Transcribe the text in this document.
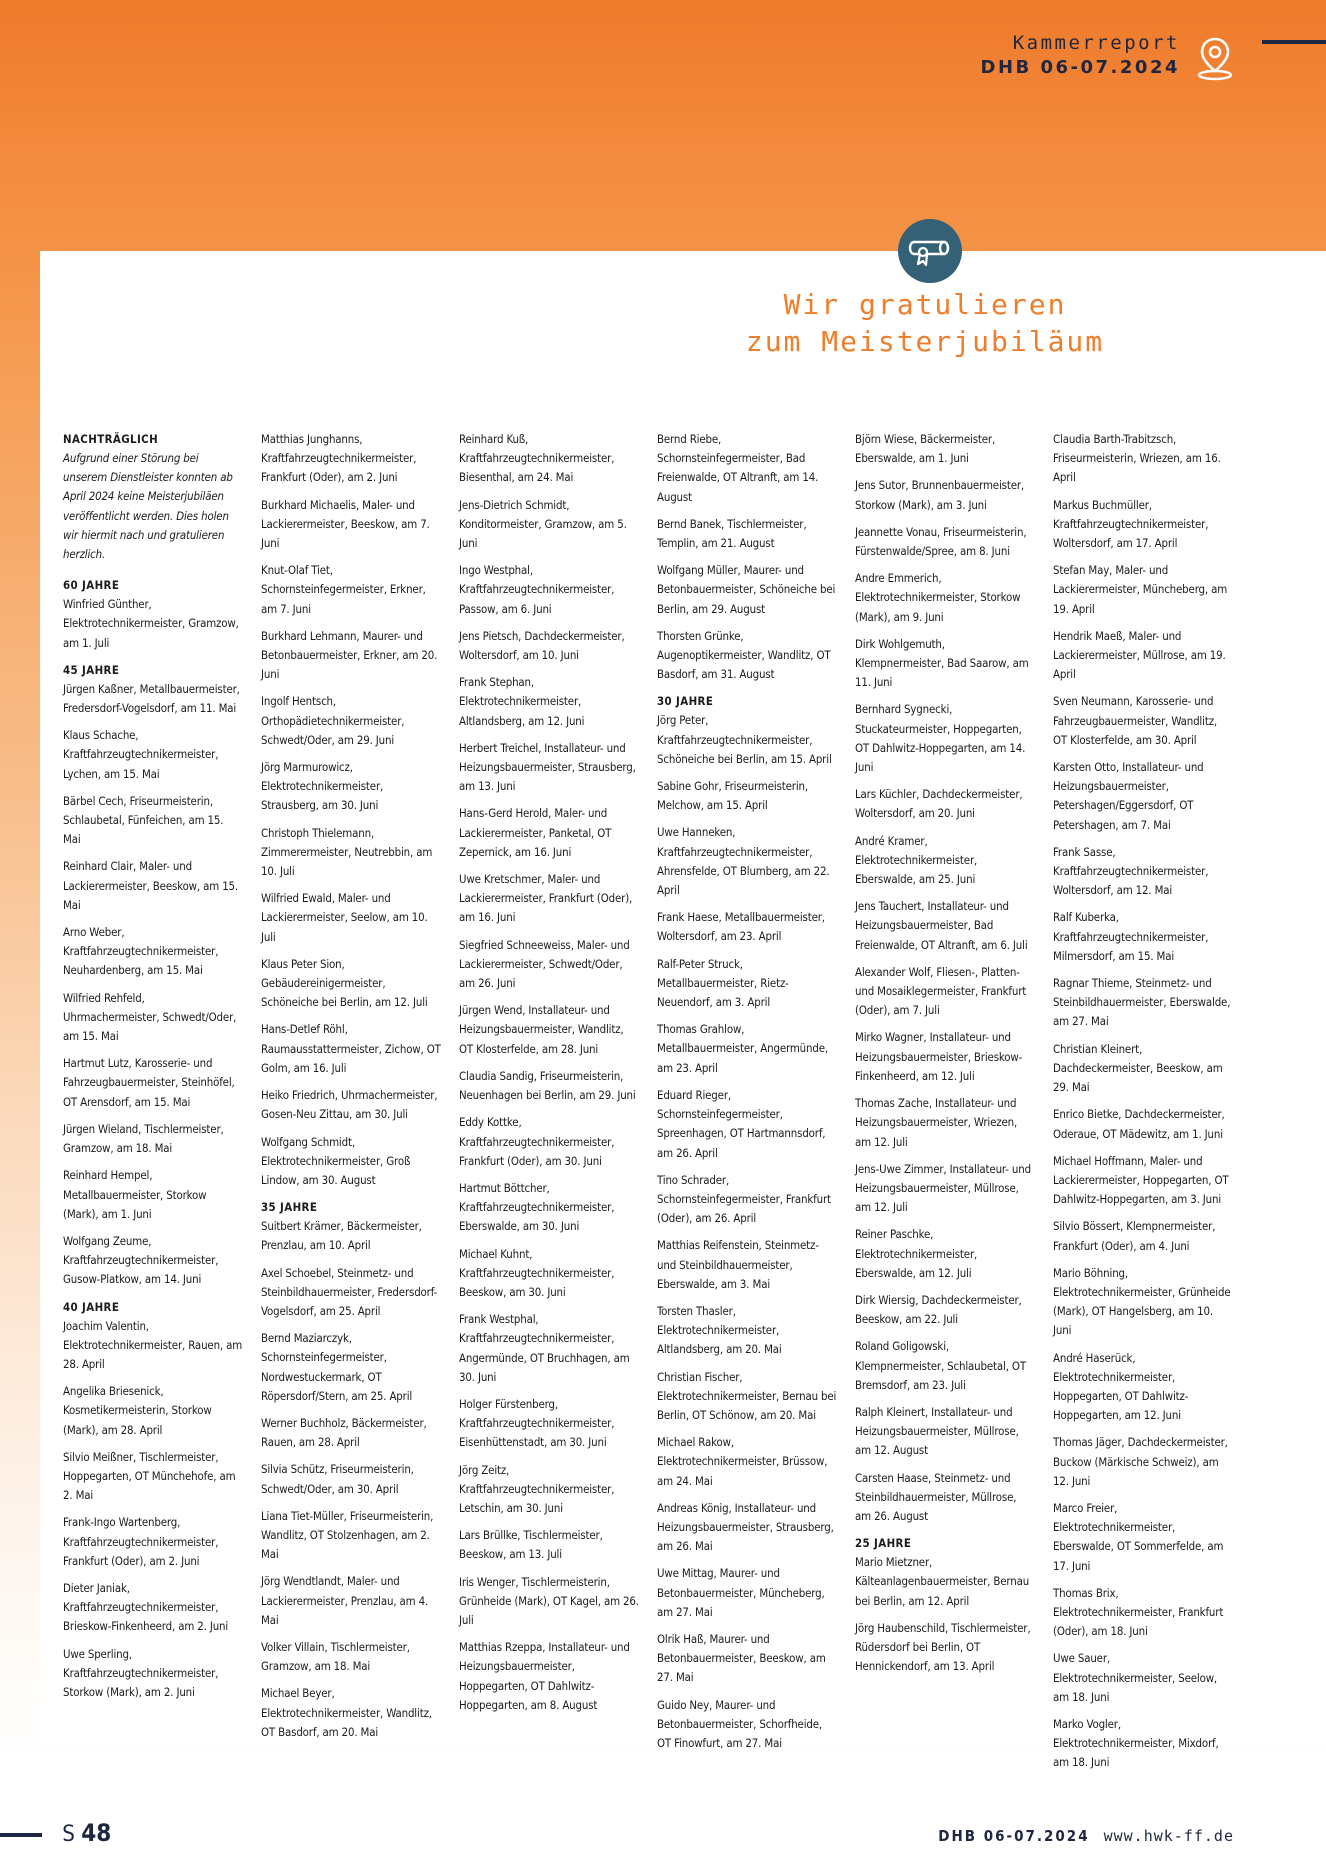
Kammerreport
DHB 06-07.2024
Wir gratulieren
zum Meisterjubiläum
NACHTRÄGLICH
Aufgrund einer Störung bei unserem Dienstleister konnten ab April 2024 keine Meisterjubiläen veröffentlicht werden. Dies holen wir hiermit nach und gratulieren herzlich.
60 JAHRE
Winfried Günther, Elektrotechnikermeister, Gramzow, am 1. Juli
45 JAHRE
Jürgen Kaßner, Metallbauermeister, Fredersdorf-Vogelsdorf, am 11. Mai
Klaus Schache, Kraftfahrzeugtechnikermeister, Lychen, am 15. Mai
Bärbel Cech, Friseurmeisterin, Schlaubetal, Fünfeichen, am 15. Mai
Reinhard Clair, Maler- und Lackierermeister, Beeskow, am 15. Mai
Arno Weber, Kraftfahrzeugtechnikermeister, Neuhardenberg, am 15. Mai
Wilfried Rehfeld, Uhrmachermeister, Schwedt/Oder, am 15. Mai
Hartmut Lutz, Karosserie- und Fahrzeugbauermeister, Steinhöfel, OT Arensdorf, am 15. Mai
Jürgen Wieland, Tischlermeister, Gramzow, am 18. Mai
Reinhard Hempel, Metallbauermeister, Storkow (Mark), am 1. Juni
Wolfgang Zeume, Kraftfahrzeugtechnikermeister, Gusow-Platkow, am 14. Juni
40 JAHRE
Joachim Valentin, Elektrotechnikermeister, Rauen, am 28. April
Angelika Briesenick, Kosmetikermeisterin, Storkow (Mark), am 28. April
Silvio Meißner, Tischlermeister, Hoppegarten, OT Münchehofe, am 2. Mai
Frank-Ingo Wartenberg, Kraftfahrzeugtechnikermeister, Frankfurt (Oder), am 2. Juni
Dieter Janiak, Kraftfahrzeugtechnikermeister, Brieskow-Finkenheerd, am 2. Juni
Uwe Sperling, Kraftfahrzeugtechnikermeister, Storkow (Mark), am 2. Juni
Matthias Junghanns, Kraftfahrzeugtechnikermeister, Frankfurt (Oder), am 2. Juni
Burkhard Michaelis, Maler- und Lackierermeister, Beeskow, am 7. Juni
Knut-Olaf Tiet, Schornsteinfegermeister, Erkner, am 7. Juni
Burkhard Lehmann, Maurer- und Betonbauermeister, Erkner, am 20. Juni
Ingolf Hentsch, Orthopädietechnikermeister, Schwedt/Oder, am 29. Juni
Jörg Marmurowicz, Elektrotechnikermeister, Strausberg, am 30. Juni
Christoph Thielemann, Zimmerermeister, Neutrebbin, am 10. Juli
Wilfried Ewald, Maler- und Lackierermeister, Seelow, am 10. Juli
Klaus Peter Sion, Gebäudereinigermeister, Schöneiche bei Berlin, am 12. Juli
Hans-Detlef Röhl, Raumausstattermeister, Zichow, OT Golm, am 16. Juli
Heiko Friedrich, Uhrmachermeister, Gosen-Neu Zittau, am 30. Juli
Wolfgang Schmidt, Elektrotechnikermeister, Groß Lindow, am 30. August
35 JAHRE
Suitbert Krämer, Bäckermeister, Prenzlau, am 10. April
Axel Schoebel, Steinmetz- und Steinbildhauermeister, Fredersdorf-Vogelsdorf, am 25. April
Bernd Maziarczyk, Schornsteinfegermeister, Nordwestuckermark, OT Röpersdorf/Stern, am 25. April
Werner Buchholz, Bäckermeister, Rauen, am 28. April
Silvia Schütz, Friseurmeisterin, Schwedt/Oder, am 30. April
Liana Tiet-Müller, Friseurmeisterin, Wandlitz, OT Stolzenhagen, am 2. Mai
Jörg Wendtlandt, Maler- und Lackierermeister, Prenzlau, am 4. Mai
Volker Villain, Tischlermeister, Gramzow, am 18. Mai
Michael Beyer, Elektrotechnikermeister, Wandlitz, OT Basdorf, am 20. Mai
Reinhard Kuß, Kraftfahrzeugtechnikermeister, Biesenthal, am 24. Mai
Jens-Dietrich Schmidt, Konditormeister, Gramzow, am 5. Juni
Ingo Westphal, Kraftfahrzeugtechnikermeister, Passow, am 6. Juni
Jens Pietsch, Dachdeckermeister, Woltersdorf, am 10. Juni
Frank Stephan, Elektrotechnikermeister, Altlandsberg, am 12. Juni
Herbert Treichel, Installateur- und Heizungsbauermeister, Strausberg, am 13. Juni
Hans-Gerd Herold, Maler- und Lackierermeister, Panketal, OT Zepernick, am 16. Juni
Uwe Kretschmer, Maler- und Lackierermeister, Frankfurt (Oder), am 16. Juni
Siegfried Schneeweiss, Maler- und Lackierermeister, Schwedt/Oder, am 26. Juni
Jürgen Wend, Installateur- und Heizungsbauermeister, Wandlitz, OT Klosterfelde, am 28. Juni
Claudia Sandig, Friseurmeisterin, Neuenhagen bei Berlin, am 29. Juni
Eddy Kottke, Kraftfahrzeugtechnikermeister, Frankfurt (Oder), am 30. Juni
Hartmut Böttcher, Kraftfahrzeugtechnikermeister, Eberswalde, am 30. Juni
Michael Kuhnt, Kraftfahrzeugtechnikermeister, Beeskow, am 30. Juni
Frank Westphal, Kraftfahrzeugtechnikermeister, Angermünde, OT Bruchhagen, am 30. Juni
Holger Fürstenberg, Kraftfahrzeugtechnikermeister, Eisenhüttenstadt, am 30. Juni
Jörg Zeitz, Kraftfahrzeugtechnikermeister, Letschin, am 30. Juni
Lars Brüllke, Tischlermeister, Beeskow, am 13. Juli
Iris Wenger, Tischlermeisterin, Grünheide (Mark), OT Kagel, am 26. Juli
Matthias Rzeppa, Installateur- und Heizungsbauermeister, Hoppegarten, OT Dahlwitz-Hoppegarten, am 8. August
Bernd Riebe, Schornsteinfegermeister, Bad Freienwalde, OT Altranft, am 14. August
Bernd Banek, Tischlermeister, Templin, am 21. August
Wolfgang Müller, Maurer- und Betonbauermeister, Schöneiche bei Berlin, am 29. August
Thorsten Grünke, Augenoptikermeister, Wandlitz, OT Basdorf, am 31. August
30 JAHRE
Jörg Peter, Kraftfahrzeugtechnikermeister, Schöneiche bei Berlin, am 15. April
Sabine Gohr, Friseurmeisterin, Melchow, am 15. April
Uwe Hanneken, Kraftfahrzeugtechnikermeister, Ahrensfelde, OT Blumberg, am 22. April
Frank Haese, Metallbauermeister, Woltersdorf, am 23. April
Ralf-Peter Struck, Metallbauermeister, Rietz-Neuendorf, am 3. April
Thomas Grahlow, Metallbauermeister, Angermünde, am 23. April
Eduard Rieger, Schornsteinfegermeister, Spreenhagen, OT Hartmannsdorf, am 26. April
Tino Schrader, Schornsteinfegermeister, Frankfurt (Oder), am 26. April
Matthias Reifenstein, Steinmetz- und Steinbildhauermeister, Eberswalde, am 3. Mai
Torsten Thasler, Elektrotechnikermeister, Altlandsberg, am 20. Mai
Christian Fischer, Elektrotechnikermeister, Bernau bei Berlin, OT Schönow, am 20. Mai
Michael Rakow, Elektrotechnikermeister, Brüssow, am 24. Mai
Andreas König, Installateur- und Heizungsbauermeister, Strausberg, am 26. Mai
Uwe Mittag, Maurer- und Betonbauermeister, Müncheberg, am 27. Mai
Olrik Haß, Maurer- und Betonbauermeister, Beeskow, am 27. Mai
Guido Ney, Maurer- und Betonbauermeister, Schorfheide, OT Finowfurt, am 27. Mai
Björn Wiese, Bäckermeister, Eberswalde, am 1. Juni
Jens Sutor, Brunnenbauermeister, Storkow (Mark), am 3. Juni
Jeannette Vonau, Friseurmeisterin, Fürstenwalde/Spree, am 8. Juni
Andre Emmerich, Elektrotechnikermeister, Storkow (Mark), am 9. Juni
Dirk Wohlgemuth, Klempnermeister, Bad Saarow, am 11. Juni
Bernhard Sygnecki, Stuckateurmeister, Hoppegarten, OT Dahlwitz-Hoppegarten, am 14. Juni
Lars Küchler, Dachdeckermeister, Woltersdorf, am 20. Juni
André Kramer, Elektrotechnikermeister, Eberswalde, am 25. Juni
Jens Tauchert, Installateur- und Heizungsbauermeister, Bad Freienwalde, OT Altranft, am 6. Juli
Alexander Wolf, Fliesen-, Platten- und Mosaiklegermeister, Frankfurt (Oder), am 7. Juli
Mirko Wagner, Installateur- und Heizungsbauermeister, Brieskow-Finkenheerd, am 12. Juli
Thomas Zache, Installateur- und Heizungsbauermeister, Wriezen, am 12. Juli
Jens-Uwe Zimmer, Installateur- und Heizungsbauermeister, Müllrose, am 12. Juli
Reiner Paschke, Elektrotechnikermeister, Eberswalde, am 12. Juli
Dirk Wiersig, Dachdeckermeister, Beeskow, am 22. Juli
Roland Goligowski, Klempnermeister, Schlaubetal, OT Bremsdorf, am 23. Juli
Ralph Kleinert, Installateur- und Heizungsbauermeister, Müllrose, am 12. August
Carsten Haase, Steinmetz- und Steinbildhauermeister, Müllrose, am 26. August
25 JAHRE
Mario Mietzner, Kälteanlagenbauermeister, Bernau bei Berlin, am 12. April
Jörg Haubenschild, Tischlermeister, Rüdersdorf bei Berlin, OT Hennickendorf, am 13. April
Claudia Barth-Trabitzsch, Friseurmeisterin, Wriezen, am 16. April
Markus Buchmüller, Kraftfahrzeugtechnikermeister, Woltersdorf, am 17. April
Stefan May, Maler- und Lackierermeister, Müncheberg, am 19. April
Hendrik Maeß, Maler- und Lackierermeister, Müllrose, am 19. April
Sven Neumann, Karosserie- und Fahrzeugbauermeister, Wandlitz, OT Klosterfelde, am 30. April
Karsten Otto, Installateur- und Heizungsbauermeister, Petershagen/Eggersdorf, OT Petershagen, am 7. Mai
Frank Sasse, Kraftfahrzeugtechnikermeister, Woltersdorf, am 12. Mai
Ralf Kuberka, Kraftfahrzeugtechnikermeister, Milmersdorf, am 15. Mai
Ragnar Thieme, Steinmetz- und Steinbildhauermeister, Eberswalde, am 27. Mai
Christian Kleinert, Dachdeckermeister, Beeskow, am 29. Mai
Enrico Bietke, Dachdeckermeister, Oderaue, OT Mädewitz, am 1. Juni
Michael Hoffmann, Maler- und Lackierermeister, Hoppegarten, OT Dahlwitz-Hoppegarten, am 3. Juni
Silvio Bössert, Klempnermeister, Frankfurt (Oder), am 4. Juni
Mario Böhning, Elektrotechnikermeister, Grünheide (Mark), OT Hangelsberg, am 10. Juni
André Haserück, Elektrotechnikermeister, Hoppegarten, OT Dahlwitz-Hoppegarten, am 12. Juni
Thomas Jäger, Dachdeckermeister, Buckow (Märkische Schweiz), am 12. Juni
Marco Freier, Elektrotechnikermeister, Eberswalde, OT Sommerfelde, am 17. Juni
Thomas Brix, Elektrotechnikermeister, Frankfurt (Oder), am 18. Juni
Uwe Sauer, Elektrotechnikermeister, Seelow, am 18. Juni
Marko Vogler, Elektrotechnikermeister, Mixdorf, am 18. Juni
S 48	DHB 06-07.2024 www.hwk-ff.de
